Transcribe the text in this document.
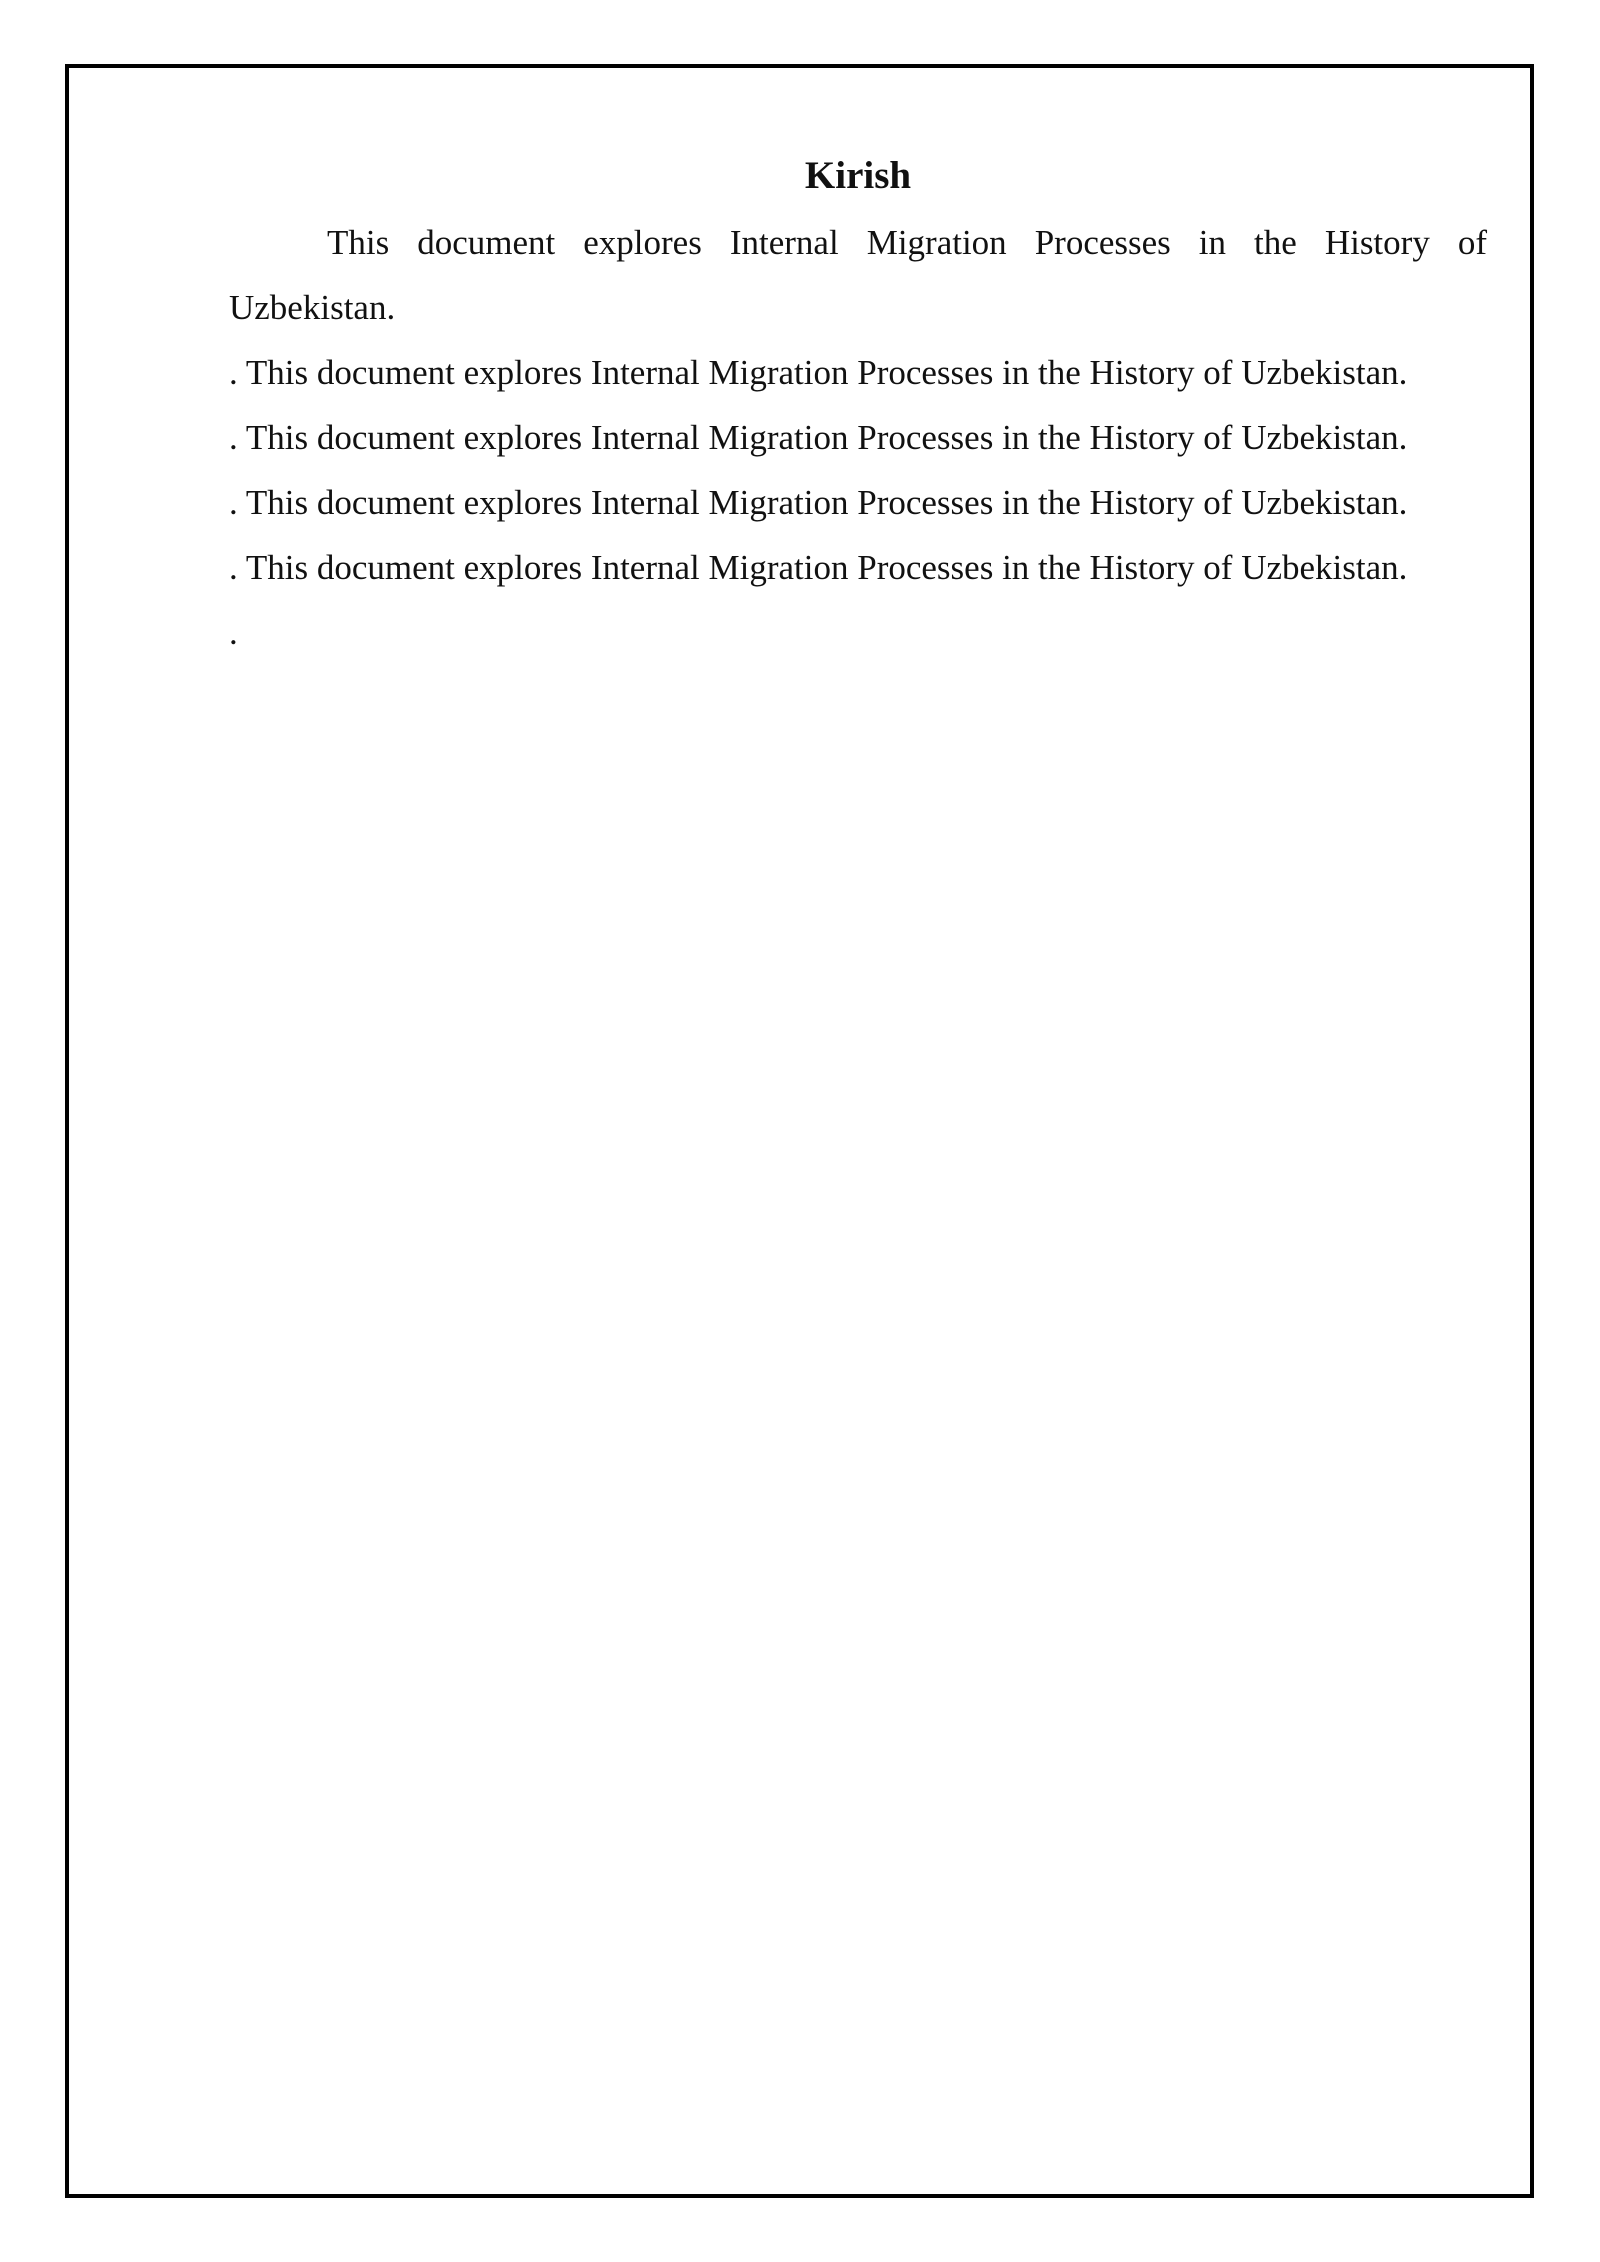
Kirish

This document explores Internal Migration Processes in the History of Uzbekistan.

. This document explores Internal Migration Processes in the History of Uzbekistan.

. This document explores Internal Migration Processes in the History of Uzbekistan.

. This document explores Internal Migration Processes in the History of Uzbekistan.

. This document explores Internal Migration Processes in the History of Uzbekistan.

.
